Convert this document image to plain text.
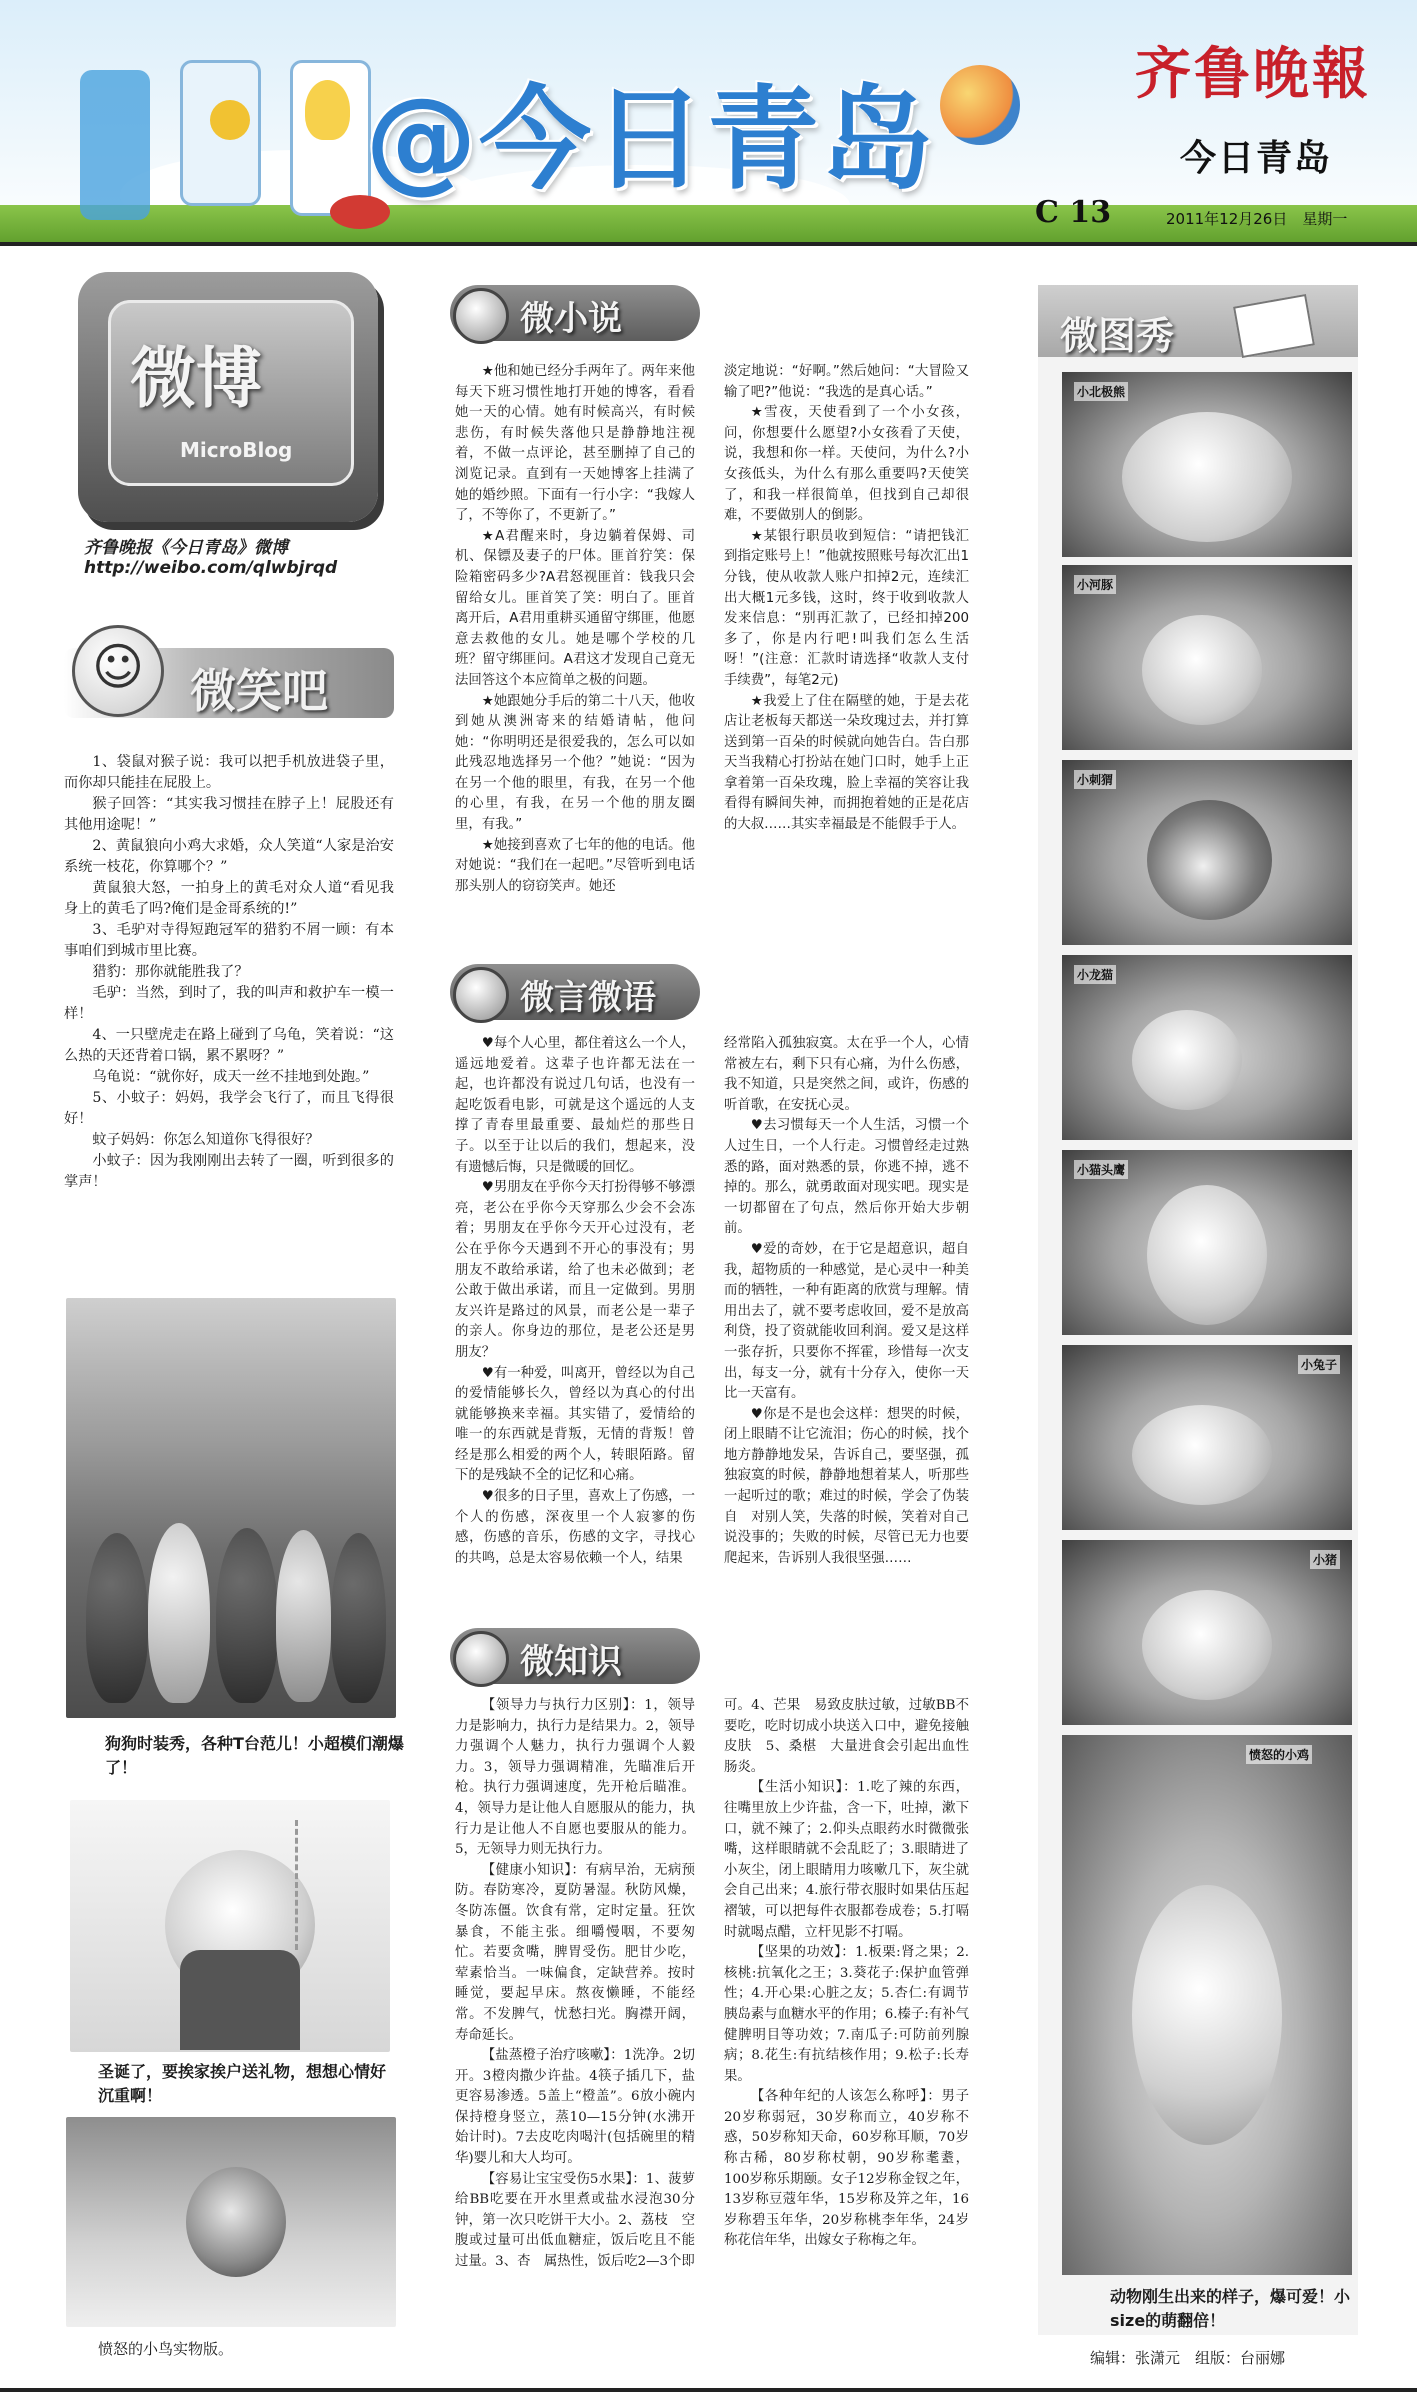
@今日青岛
齐鲁晚報
今日青岛
C 13	2011年12月26日　星期一
微博
MicroBlog
齐鲁晚报《今日青岛》微博
http://weibo.com/qlwbjrqd
☺ 微笑吧

1、袋鼠对猴子说：我可以把手机放进袋子里，而你却只能挂在屁股上。

猴子回答：“其实我习惯挂在脖子上！屁股还有其他用途呢！”

2、黄鼠狼向小鸡大求婚，众人笑道“人家是治安系统一枝花，你算哪个？”

黄鼠狼大怒，一拍身上的黄毛对众人道“看见我身上的黄毛了吗?俺们是金哥系统的!”

3、毛驴对寺得短跑冠军的猎豹不屑一顾：有本事咱们到城市里比赛。

猎豹：那你就能胜我了？

毛驴：当然，到时了，我的叫声和救护车一模一样！

4、一只壁虎走在路上碰到了乌龟，笑着说：“这么热的天还背着口锅，累不累呀？”

乌龟说：“就你好，成天一丝不挂地到处跑。”

5、小蚊子：妈妈，我学会飞行了，而且飞得很好！

蚊子妈妈：你怎么知道你飞得很好？

小蚊子：因为我刚刚出去转了一圈，听到很多的掌声！

狗狗时装秀，各种T台范儿！小超模们潮爆了！
圣诞了，要挨家挨户送礼物，想想心情好沉重啊！
愤怒的小鸟实物版。
微小说

★他和她已经分手两年了。两年来他每天下班习惯性地打开她的博客，看看她一天的心情。她有时候高兴，有时候悲伤，有时候失落他只是静静地注视着，不做一点评论，甚至删掉了自己的浏览记录。直到有一天她博客上挂满了她的婚纱照。下面有一行小字：“我嫁人了，不等你了，不更新了。”

★A君醒来时，身边躺着保姆、司机、保镖及妻子的尸体。匪首狞笑：保险箱密码多少?A君怒视匪首：钱我只会留给女儿。匪首笑了笑：明白了。匪首离开后，A君用重耕买通留守绑匪，他愿意去救他的女儿。她是哪个学校的几班？留守绑匪问。A君这才发现自己竟无法回答这个本应简单之极的问题。

★她跟她分手后的第二十八天，他收到她从澳洲寄来的结婚请帖，他问她：“你明明还是很爱我的，怎么可以如此残忍地选择另一个他？”她说：“因为在另一个他的眼里，有我，在另一个他的心里，有我，在另一个他的朋友圈里，有我。”

★她接到喜欢了七年的他的电话。他对她说：“我们在一起吧。”尽管听到电话那头别人的窃窃笑声。她还

淡定地说：“好啊。”然后她问：“大冒险又输了吧?”他说：“我选的是真心话。”

★雪夜，天使看到了一个小女孩，问，你想要什么愿望?小女孩看了天使，说，我想和你一样。天使问，为什么?小女孩低头，为什么有那么重要吗?天使笑了，和我一样很简单，但找到自己却很难，不要做别人的倒影。

★某银行职员收到短信：“请把钱汇到指定账号上！”他就按照账号每次汇出1分钱，使从收款人账户扣掉2元，连续汇出大概1元多钱，这时，终于收到收款人发来信息：“别再汇款了，已经扣掉200多了，你是内行吧!叫我们怎么生活呀！”(注意：汇款时请选择“收款人支付手续费”，每笔2元)

★我爱上了住在隔壁的她，于是去花店让老板每天都送一朵玫瑰过去，并打算送到第一百朵的时候就向她告白。告白那天当我精心打扮站在她门口时，她手上正拿着第一百朵玫瑰，脸上幸福的笑容让我看得有瞬间失神，而拥抱着她的正是花店的大叔……其实幸福最是不能假手于人。

微言微语

♥每个人心里，都住着这么一个人，遥远地爱着。这辈子也许都无法在一起，也许都没有说过几句话，也没有一起吃饭看电影，可就是这个遥远的人支撑了青春里最重要、最灿烂的那些日子。以至于让以后的我们，想起来，没有遗憾后悔，只是微暖的回忆。

♥男朋友在乎你今天打扮得够不够漂亮，老公在乎你今天穿那么少会不会冻着；男朋友在乎你今天开心过没有，老公在乎你今天遇到不开心的事没有；男朋友不敢给承诺，给了也未必做到；老公敢于做出承诺，而且一定做到。男朋友兴许是路过的风景，而老公是一辈子的亲人。你身边的那位，是老公还是男朋友？

♥有一种爱，叫离开，曾经以为自己的爱情能够长久，曾经以为真心的付出就能够换来幸福。其实错了，爱情给的唯一的东西就是背叛，无情的背叛！曾经是那么相爱的两个人，转眼陌路。留下的是残缺不全的记忆和心痛。

♥很多的日子里，喜欢上了伤感，一个人的伤感，深夜里一个人寂寥的伤感，伤感的音乐，伤感的文字，寻找心的共鸣，总是太容易依赖一个人，结果

经常陷入孤独寂寞。太在乎一个人，心情常被左右，剩下只有心痛，为什么伤感，我不知道，只是突然之间，或许，伤感的听首歌，在安抚心灵。

♥去习惯每天一个人生活，习惯一个人过生日，一个人行走。习惯曾经走过熟悉的路，面对熟悉的景，你逃不掉，逃不掉的。那么，就勇敢面对现实吧。现实是一切都留在了句点，然后你开始大步朝前。

♥爱的奇妙，在于它是超意识，超自我，超物质的一种感觉，是心灵中一种美而的牺牲，一种有距离的欣赏与理解。情用出去了，就不要考虑收回，爱不是放高利贷，投了资就能收回利润。爱又是这样一张存折，只要你不挥霍，珍惜每一次支出，每支一分，就有十分存入，使你一天比一天富有。

♥你是不是也会这样：想哭的时候，闭上眼睛不让它流泪；伤心的时候，找个地方静静地发呆，告诉自己，要坚强，孤独寂寞的时候，静静地想着某人，听那些一起听过的歌；难过的时候，学会了伪装自　对别人笑，失落的时候，笑着对自己说没事的；失败的时候，尽管已无力也要爬起来，告诉别人我很坚强……

微知识

【领导力与执行力区别】：1，领导力是影响力，执行力是结果力。2，领导力强调个人魅力，执行力强调个人毅力。3，领导力强调精准，先瞄准后开枪。执行力强调速度，先开枪后瞄准。4，领导力是让他人自愿服从的能力，执行力是让他人不自愿也要服从的能力。5，无领导力则无执行力。

【健康小知识】：有病早治，无病预防。春防寒冷，夏防暑湿。秋防风燥，冬防冻僵。饮食有常，定时定量。狂饮暴食，不能主张。细嚼慢咽，不要匆忙。若要贪嘴，脾胃受伤。肥甘少吃，荤素恰当。一味偏食，定缺营养。按时睡觉，要起早床。熬夜懒睡，不能经常。不发脾气，忧愁扫光。胸襟开阔，寿命延长。

【盐蒸橙子治疗咳嗽】：1洗净。2切开。3橙肉撒少许盐。4筷子插几下，盐更容易渗透。5盖上“橙盖”。6放小碗内保持橙身竖立，蒸10—15分钟(水沸开始计时)。7去皮吃肉喝汁(包括碗里的精华)婴儿和大人均可。

【容易让宝宝受伤5水果】：1、菠萝　给BB吃要在开水里煮或盐水浸泡30分钟，第一次只吃饼干大小。2、荔枝　空腹或过量可出低血糖症，饭后吃且不能过量。3、杏　属热性，饭后吃2—3个即

可。4、芒果　易致皮肤过敏，过敏BB不要吃，吃时切成小块送入口中，避免接触皮肤　5、桑椹　大量进食会引起出血性肠炎。

【生活小知识】：1.吃了辣的东西，往嘴里放上少许盐，含一下，吐掉，漱下口，就不辣了；2.仰头点眼药水时微微张嘴，这样眼睛就不会乱眨了；3.眼睛进了小灰尘，闭上眼睛用力咳嗽几下，灰尘就会自己出来；4.旅行带衣服时如果估压起褶皱，可以把每件衣服都卷成卷；5.打嗝时就喝点醋，立杆见影不打嗝。

【坚果的功效】：1.板栗:肾之果；2.核桃:抗氧化之王；3.葵花子:保护血管弹性；4.开心果:心脏之友；5.杏仁:有调节胰岛素与血糖水平的作用；6.榛子:有补气健脾明目等功效；7.南瓜子:可防前列腺病；8.花生:有抗结核作用；9.松子:长寿果。

【各种年纪的人该怎么称呼】：男子20岁称弱冠，30岁称而立，40岁称不惑，50岁称知天命，60岁称耳顺，70岁称古稀，80岁称杖朝，90岁称耄耋，100岁称乐期颐。女子12岁称金钗之年，13岁称豆蔻年华，15岁称及笄之年，16岁称碧玉年华，20岁称桃李年华，24岁称花信年华，出嫁女子称梅之年。

微图秀
小北极熊
小河豚
小刺猬
小龙猫
小猫头鹰
小兔子
小猪
愤怒的小鸡
动物刚生出来的样子，爆可爱！小size的萌翻倍！
编辑：张潇元　组版：台丽娜
